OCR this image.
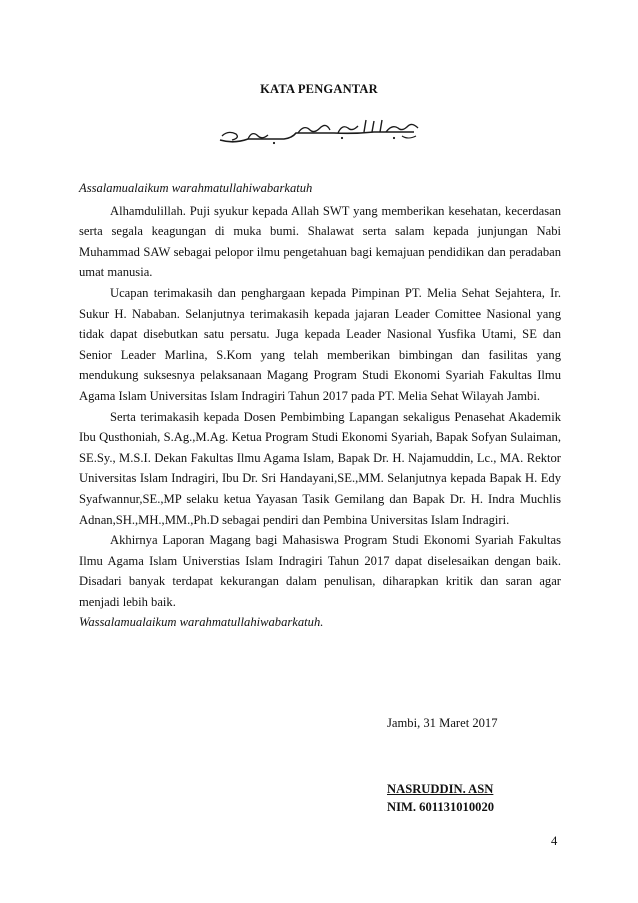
KATA PENGANTAR

Assalamualaikum warahmatullahiwabarkatuh

Alhamdulillah. Puji syukur kepada Allah SWT yang memberikan kesehatan, kecerdasan serta segala keagungan di muka bumi. Shalawat serta salam kepada junjungan Nabi Muhammad SAW sebagai pelopor ilmu pengetahuan bagi kemajuan pendidikan dan peradaban umat manusia.

Ucapan terimakasih dan penghargaan kepada Pimpinan PT. Melia Sehat Sejahtera, Ir. Sukur H. Nababan. Selanjutnya terimakasih kepada jajaran Leader Comittee Nasional yang tidak dapat disebutkan satu persatu. Juga kepada Leader Nasional Yusfika Utami, SE dan Senior Leader Marlina, S.Kom yang telah memberikan bimbingan dan fasilitas yang mendukung suksesnya pelaksanaan Magang Program Studi Ekonomi Syariah Fakultas Ilmu Agama Islam Universitas Islam Indragiri Tahun 2017 pada PT. Melia Sehat Wilayah Jambi.

Serta terimakasih kepada Dosen Pembimbing Lapangan sekaligus Penasehat Akademik Ibu Qusthoniah, S.Ag.,M.Ag. Ketua Program Studi Ekonomi Syariah, Bapak Sofyan Sulaiman, SE.Sy., M.S.I. Dekan Fakultas Ilmu Agama Islam, Bapak Dr. H. Najamuddin, Lc., MA. Rektor Universitas Islam Indragiri, Ibu Dr. Sri Handayani,SE.,MM. Selanjutnya kepada Bapak H. Edy Syafwannur,SE.,MP selaku ketua Yayasan Tasik Gemilang dan Bapak Dr. H. Indra Muchlis Adnan,SH.,MH.,MM.,Ph.D sebagai pendiri dan Pembina Universitas Islam Indragiri.

Akhirnya Laporan Magang bagi Mahasiswa Program Studi Ekonomi Syariah Fakultas Ilmu Agama Islam Universtias Islam Indragiri Tahun 2017 dapat diselesaikan dengan baik. Disadari banyak terdapat kekurangan dalam penulisan, diharapkan kritik dan saran agar menjadi lebih baik.

Wassalamualaikum warahmatullahiwabarkatuh.

Jambi, 31 Maret 2017
NASRUDDIN. ASN
NIM. 601131010020
4
